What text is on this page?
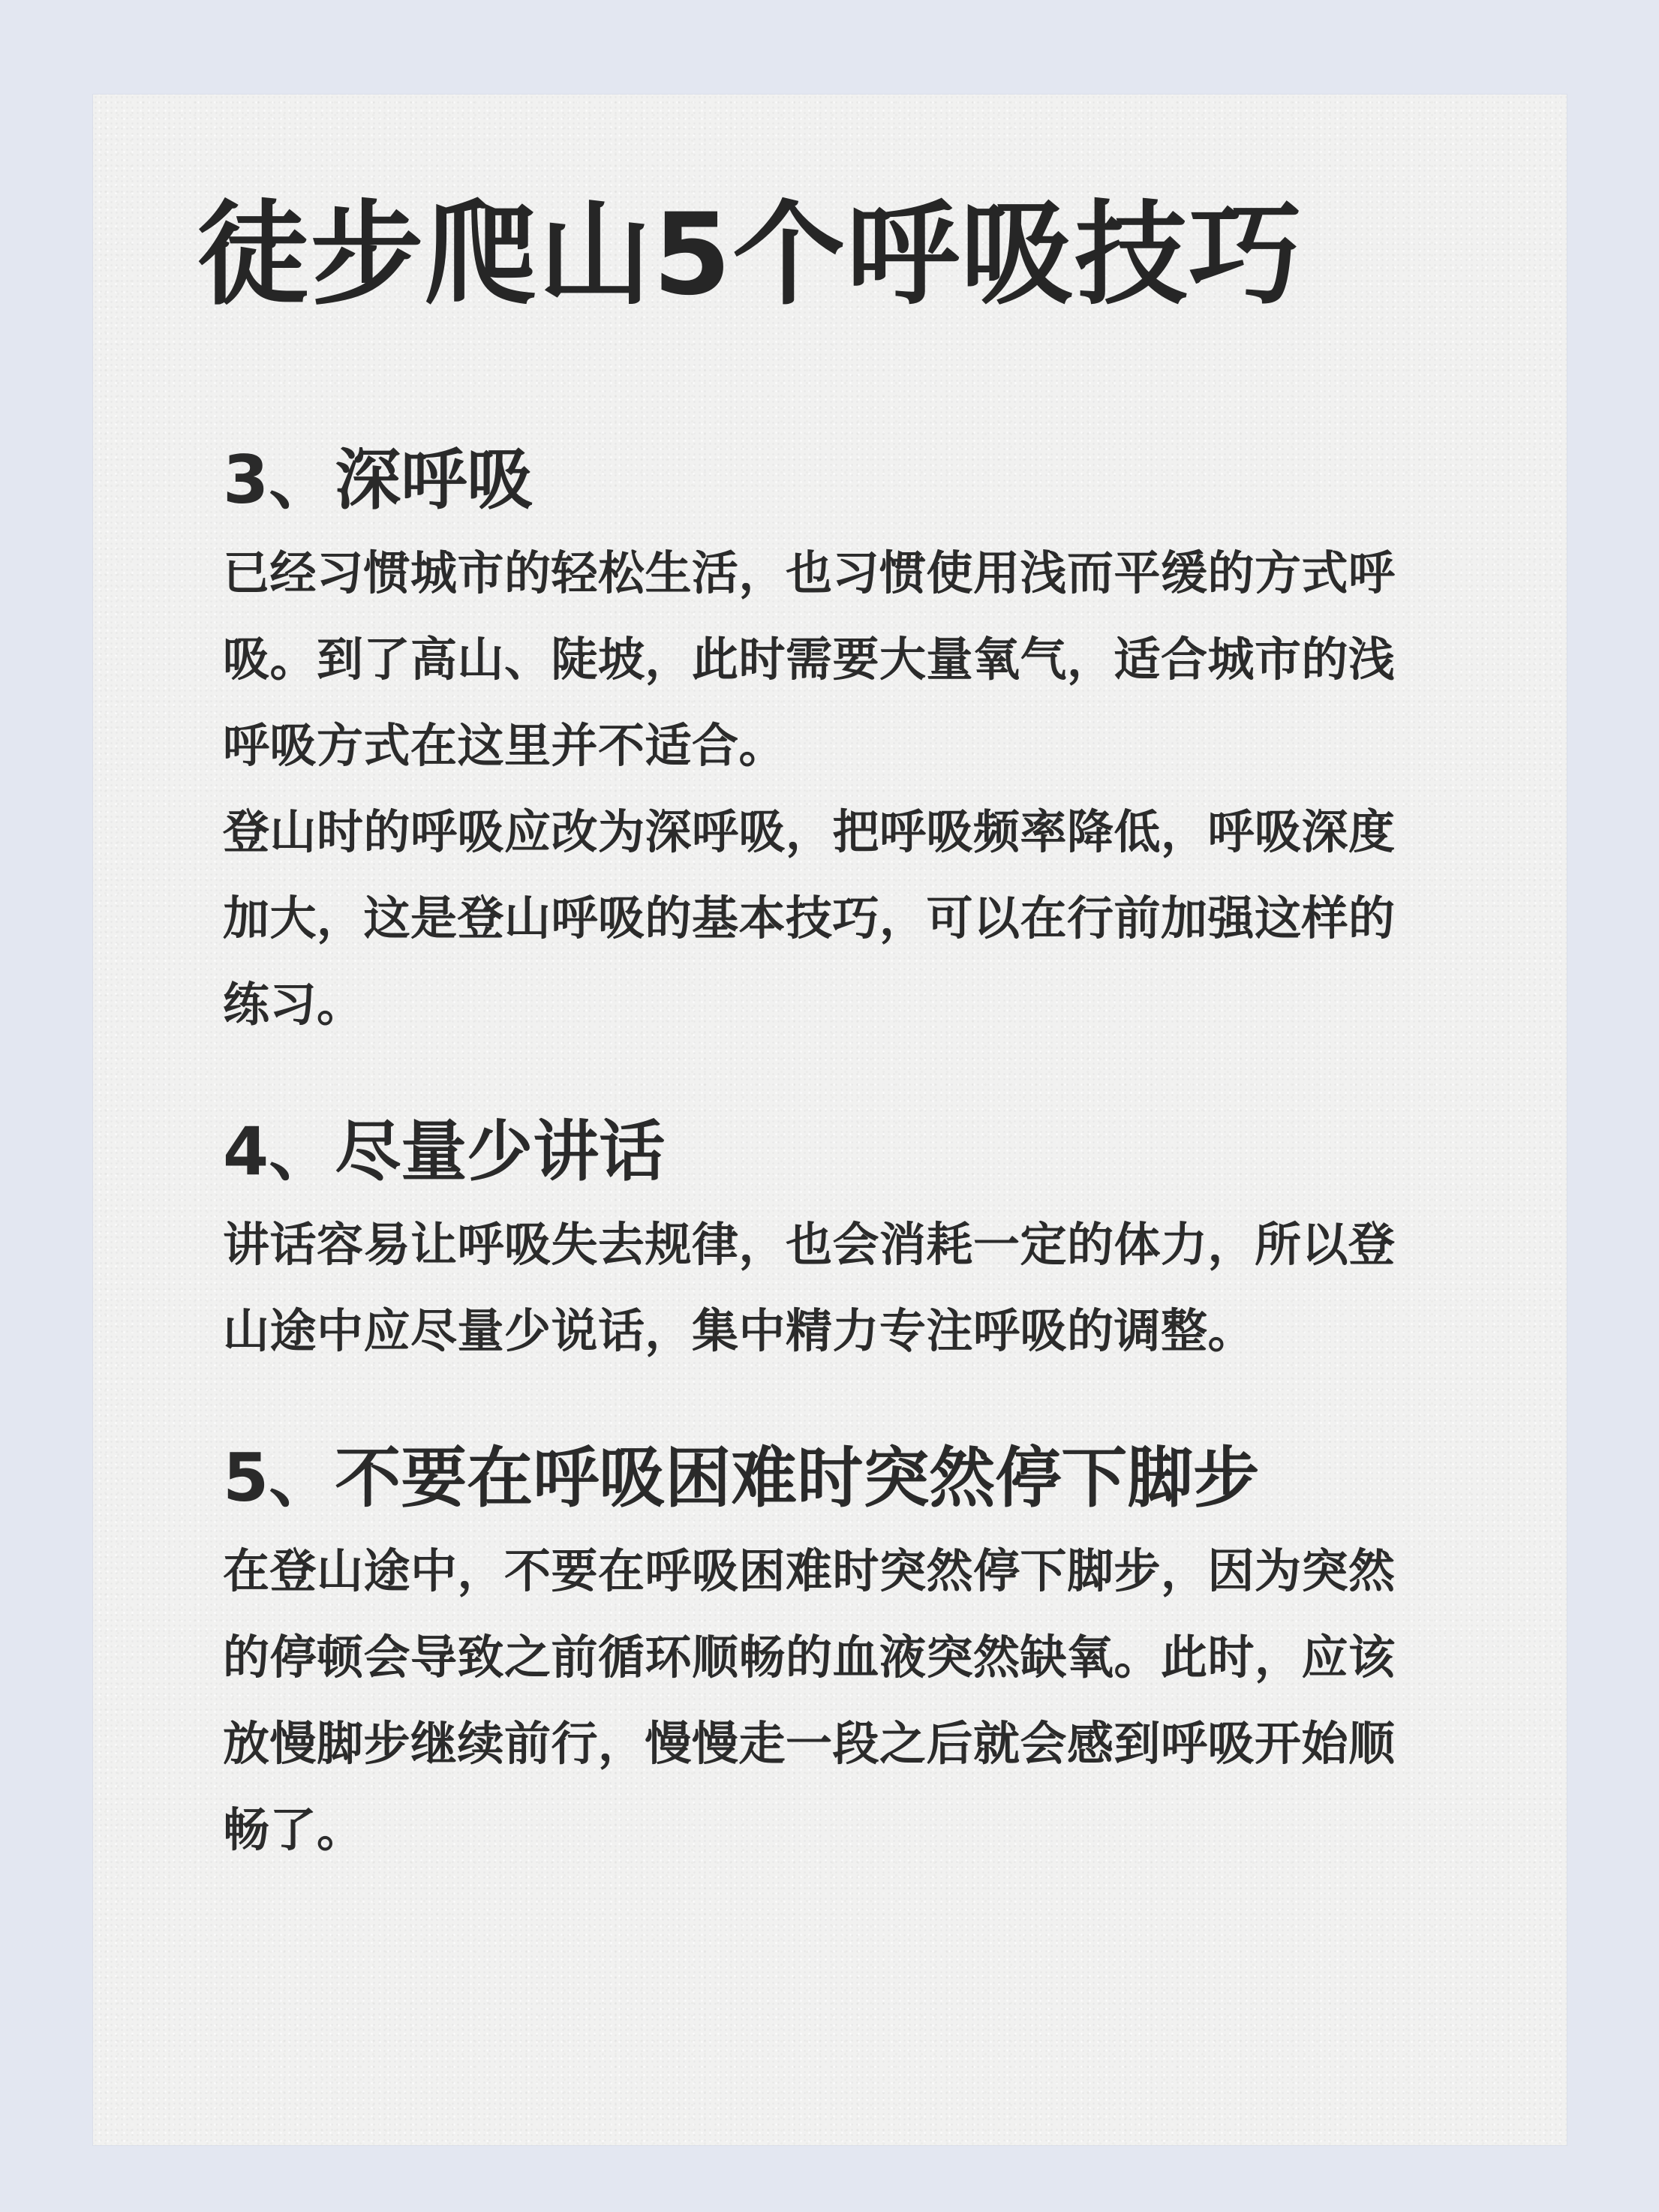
徒步爬山5个呼吸技巧
3、深呼吸

已经习惯城市的轻松生活，也习惯使用浅而平缓的方式呼
吸。到了高山、陡坡，此时需要大量氧气，适合城市的浅
呼吸方式在这里并不适合。

登山时的呼吸应改为深呼吸，把呼吸频率降低，呼吸深度
加大，这是登山呼吸的基本技巧，可以在行前加强这样的
练习。

4、尽量少讲话

讲话容易让呼吸失去规律，也会消耗一定的体力，所以登
山途中应尽量少说话，集中精力专注呼吸的调整。

5、不要在呼吸困难时突然停下脚步

在登山途中，不要在呼吸困难时突然停下脚步，因为突然
的停顿会导致之前循环顺畅的血液突然缺氧。此时，应该
放慢脚步继续前行，慢慢走一段之后就会感到呼吸开始顺
畅了。
